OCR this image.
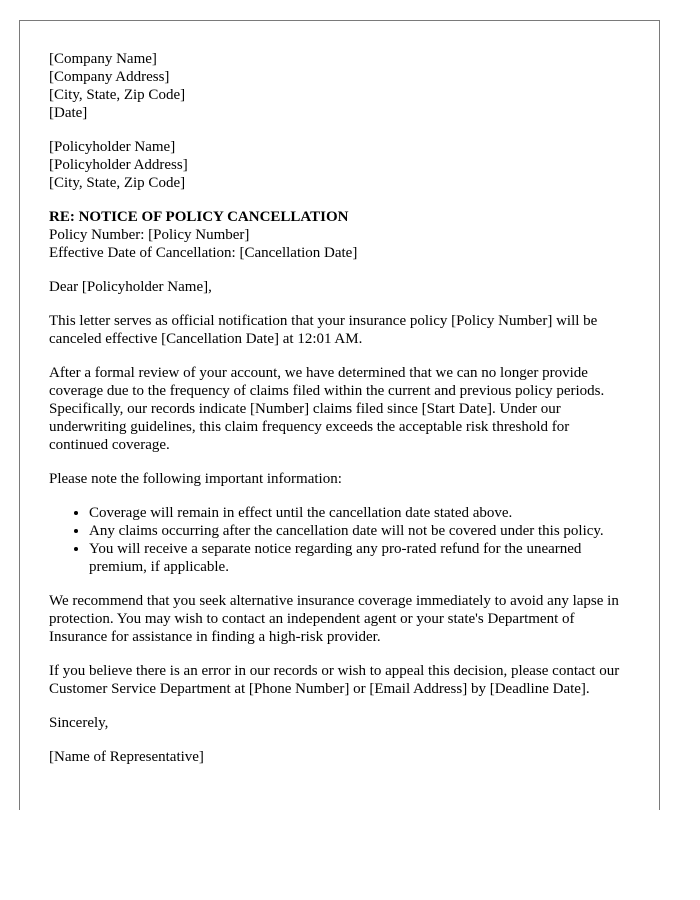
[Company Name]
[Company Address]
[City, State, Zip Code]
[Date]
[Policyholder Name]
[Policyholder Address]
[City, State, Zip Code]
RE: NOTICE OF POLICY CANCELLATION
Policy Number: [Policy Number]
Effective Date of Cancellation: [Cancellation Date]

Dear [Policyholder Name],

This letter serves as official notification that your insurance policy [Policy Number] will be canceled effective [Cancellation Date] at 12:01 AM.

After a formal review of your account, we have determined that we can no longer provide coverage due to the frequency of claims filed within the current and previous policy periods. Specifically, our records indicate [Number] claims filed since [Start Date]. Under our underwriting guidelines, this claim frequency exceeds the acceptable risk threshold for continued coverage.

Please note the following important information:

• Coverage will remain in effect until the cancellation date stated above.
• Any claims occurring after the cancellation date will not be covered under this policy.
• You will receive a separate notice regarding any pro-rated refund for the unearned premium, if applicable.

We recommend that you seek alternative insurance coverage immediately to avoid any lapse in protection. You may wish to contact an independent agent or your state's Department of Insurance for assistance in finding a high-risk provider.

If you believe there is an error in our records or wish to appeal this decision, please contact our Customer Service Department at [Phone Number] or [Email Address] by [Deadline Date].

Sincerely,

[Name of Representative]
